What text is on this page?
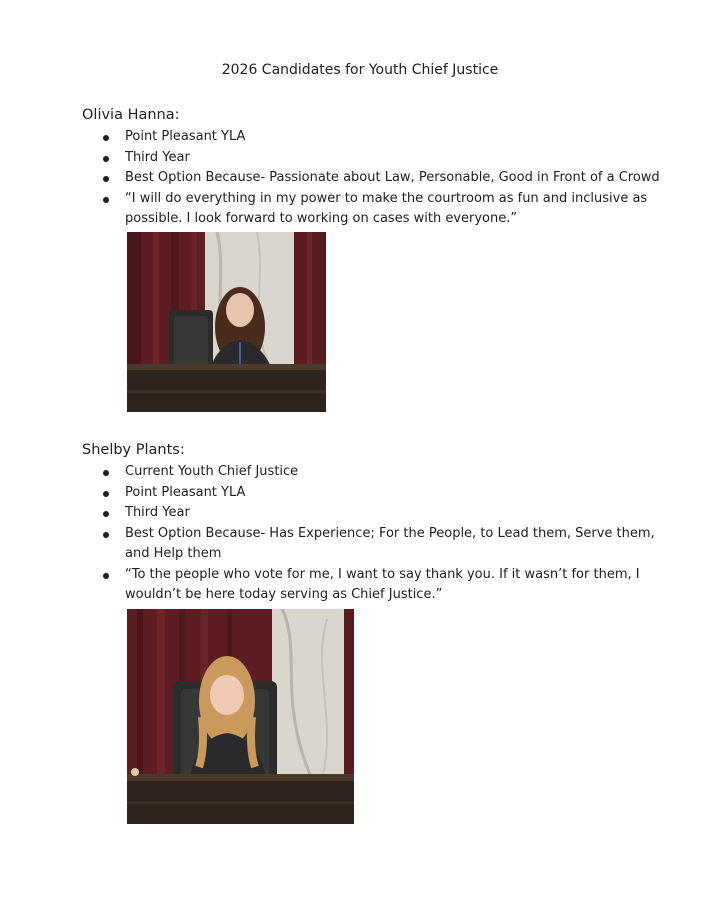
2026 Candidates for Youth Chief Justice

Olivia Hanna:

Point Pleasant YLA
Third Year
Best Option Because- Passionate about Law, Personable, Good in Front of a Crowd
“I will do everything in my power to make the courtroom as fun and inclusive as possible. I look forward to working on cases with everyone.”

Shelby Plants:

Current Youth Chief Justice
Point Pleasant YLA
Third Year
Best Option Because- Has Experience; For the People, to Lead them, Serve them, and Help them
“To the people who vote for me, I want to say thank you. If it wasn’t for them, I wouldn’t be here today serving as Chief Justice.”
